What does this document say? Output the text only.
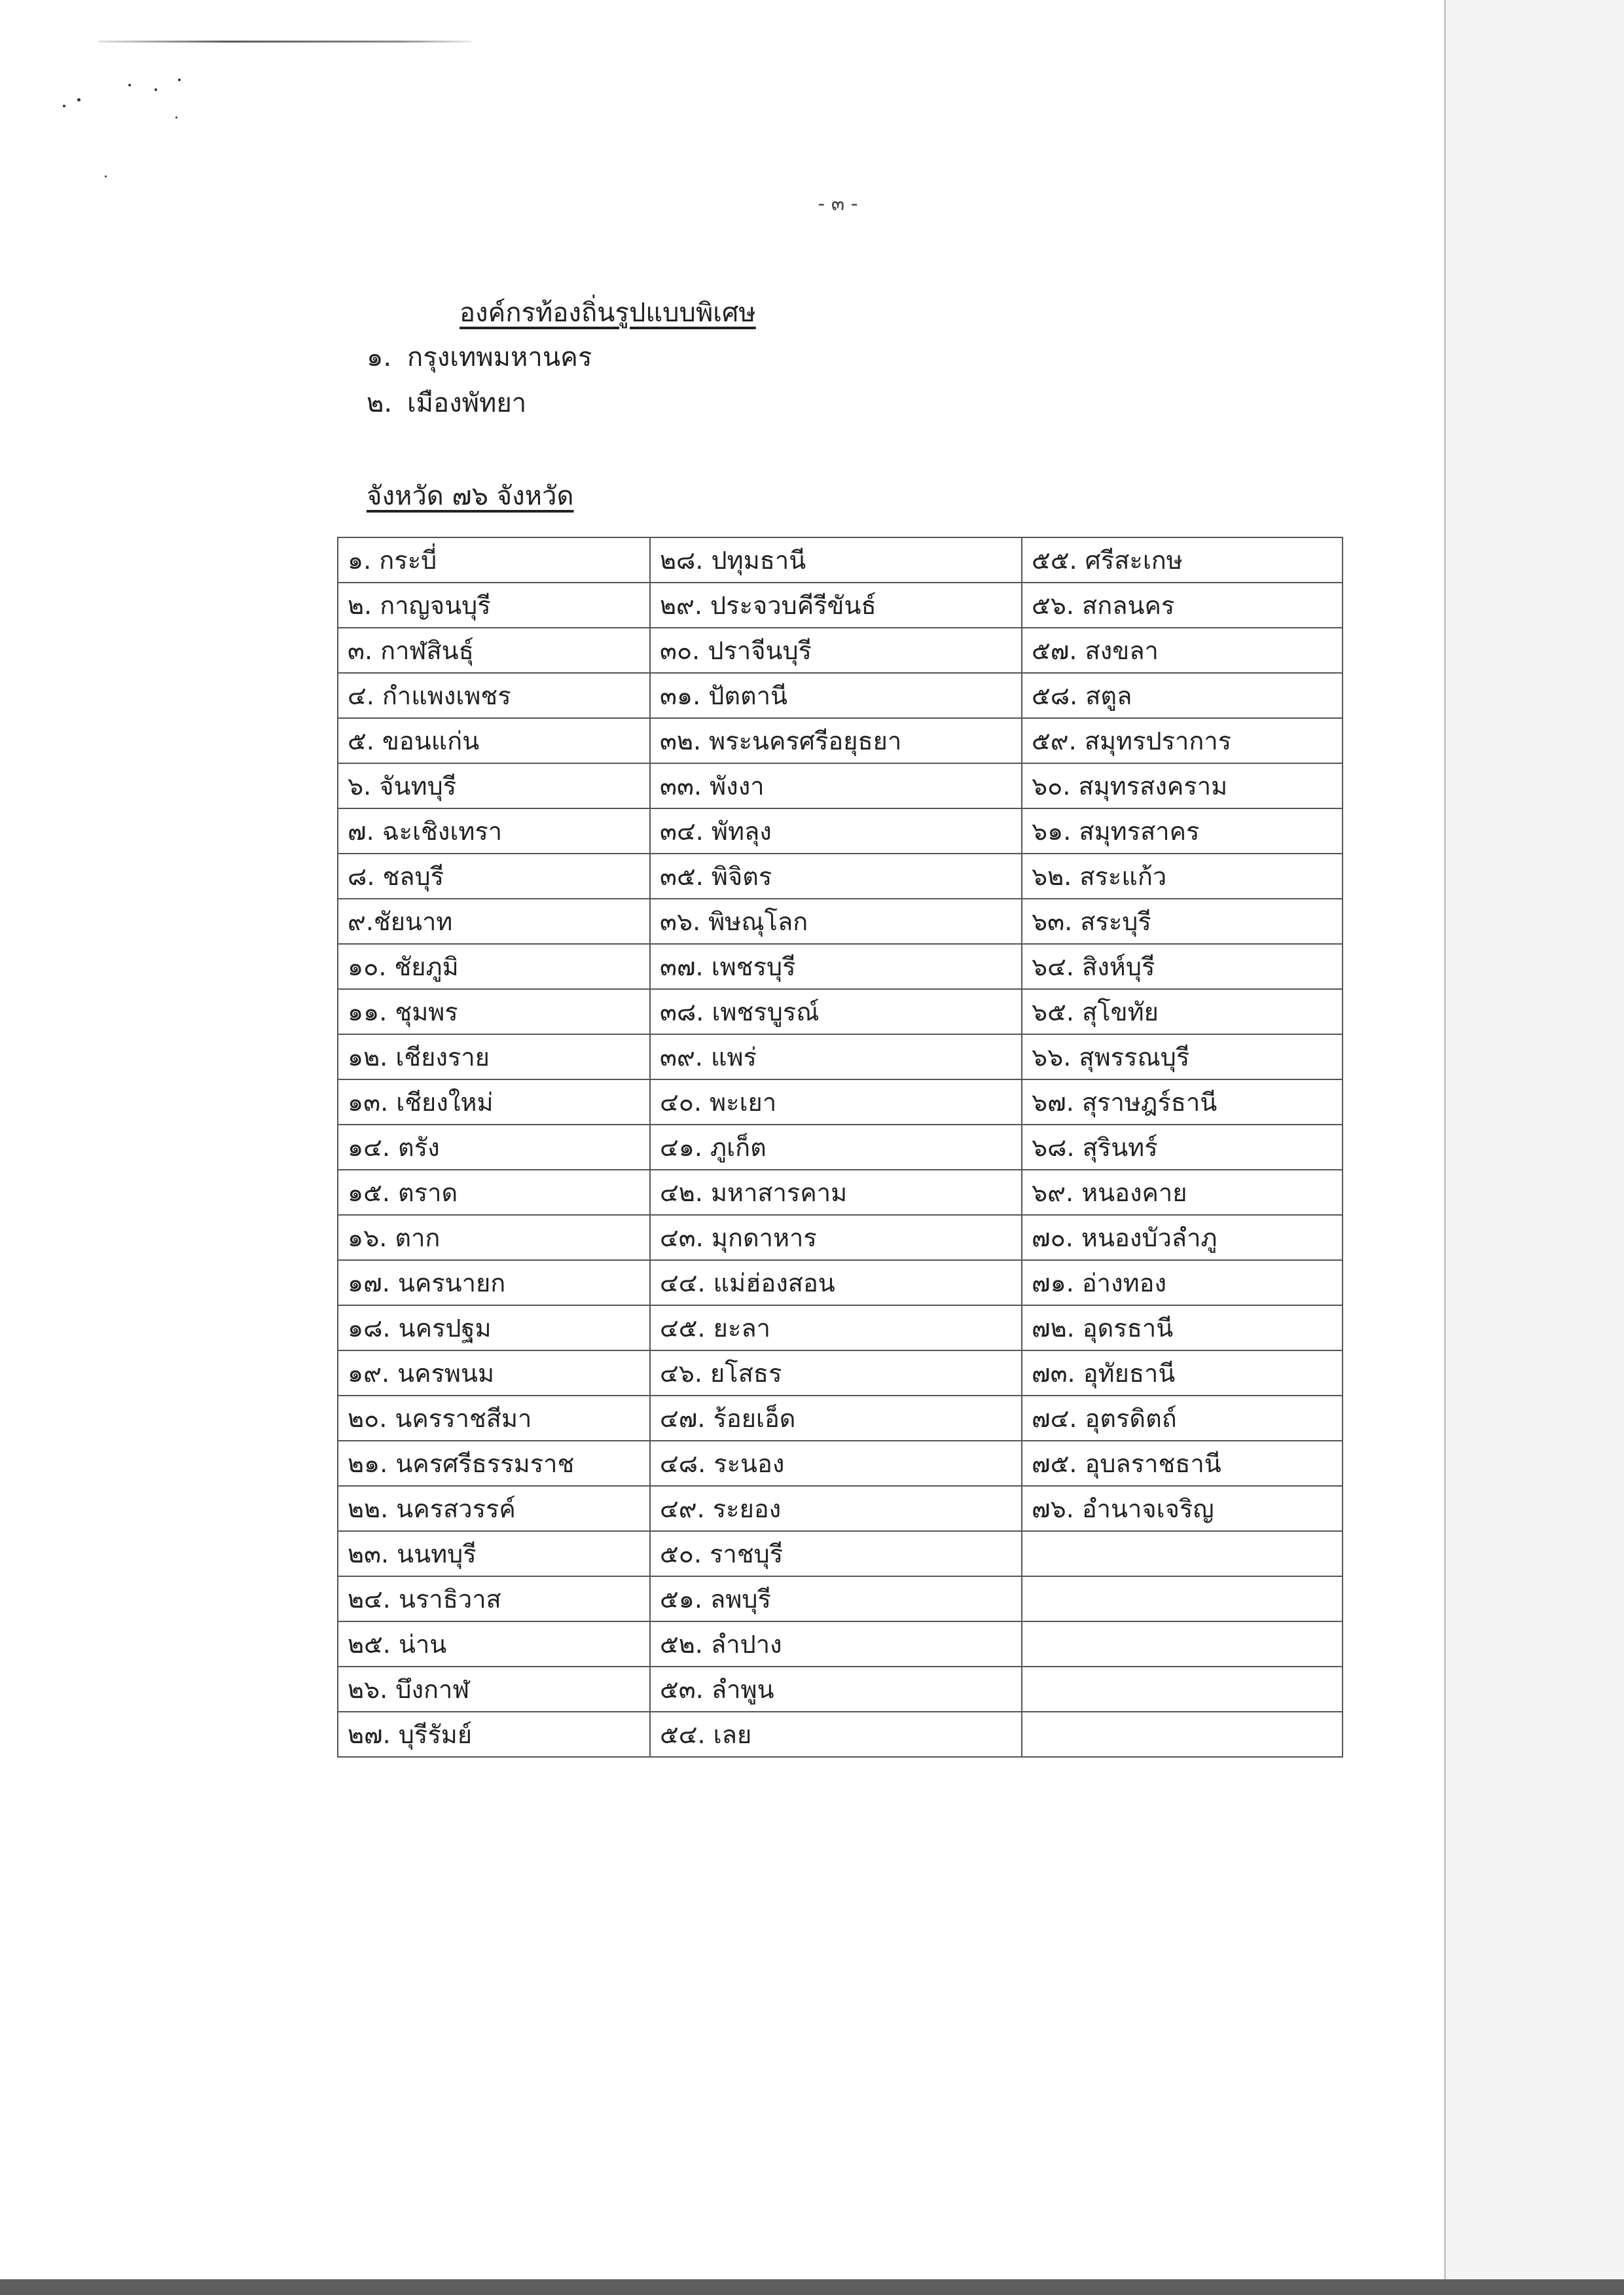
- ๓ -
องค์กรท้องถิ่นรูปแบบพิเศษ
๑. กรุงเทพมหานคร
๒. เมืองพัทยา
จังหวัด ๗๖ จังหวัด
๑. กระบี่	๒๘. ปทุมธานี	๕๕. ศรีสะเกษ
๒. กาญจนบุรี	๒๙. ประจวบคีรีขันธ์	๕๖. สกลนคร
๓. กาฬสินธุ์	๓๐. ปราจีนบุรี	๕๗. สงขลา
๔. กำแพงเพชร	๓๑. ปัตตานี	๕๘. สตูล
๕. ขอนแก่น	๓๒. พระนครศรีอยุธยา	๕๙. สมุทรปราการ
๖. จันทบุรี	๓๓. พังงา	๖๐. สมุทรสงคราม
๗. ฉะเชิงเทรา	๓๔. พัทลุง	๖๑. สมุทรสาคร
๘. ชลบุรี	๓๕. พิจิตร	๖๒. สระแก้ว
๙.ชัยนาท	๓๖. พิษณุโลก	๖๓. สระบุรี
๑๐. ชัยภูมิ	๓๗. เพชรบุรี	๖๔. สิงห์บุรี
๑๑. ชุมพร	๓๘. เพชรบูรณ์	๖๕. สุโขทัย
๑๒. เชียงราย	๓๙. แพร่	๖๖. สุพรรณบุรี
๑๓. เชียงใหม่	๔๐. พะเยา	๖๗. สุราษฎร์ธานี
๑๔. ตรัง	๔๑. ภูเก็ต	๖๘. สุรินทร์
๑๕. ตราด	๔๒. มหาสารคาม	๖๙. หนองคาย
๑๖. ตาก	๔๓. มุกดาหาร	๗๐. หนองบัวลำภู
๑๗. นครนายก	๔๔. แม่ฮ่องสอน	๗๑. อ่างทอง
๑๘. นครปฐม	๔๕. ยะลา	๗๒. อุดรธานี
๑๙. นครพนม	๔๖. ยโสธร	๗๓. อุทัยธานี
๒๐. นครราชสีมา	๔๗. ร้อยเอ็ด	๗๔. อุตรดิตถ์
๒๑. นครศรีธรรมราช	๔๘. ระนอง	๗๕. อุบลราชธานี
๒๒. นครสวรรค์	๔๙. ระยอง	๗๖. อำนาจเจริญ
๒๓. นนทบุรี	๕๐. ราชบุรี	
๒๔. นราธิวาส	๕๑. ลพบุรี	
๒๕. น่าน	๕๒. ลำปาง	
๒๖. บึงกาฬ	๕๓. ลำพูน	
๒๗. บุรีรัมย์	๕๔. เลย	
